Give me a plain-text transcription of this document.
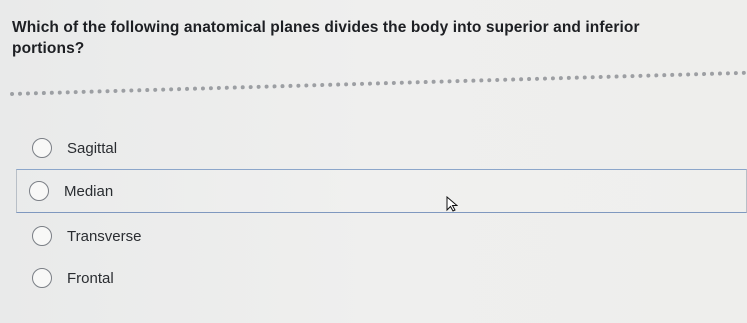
Which of the following anatomical planes divides the body into superior and inferior portions?
Sagittal
Median
Transverse
Frontal
